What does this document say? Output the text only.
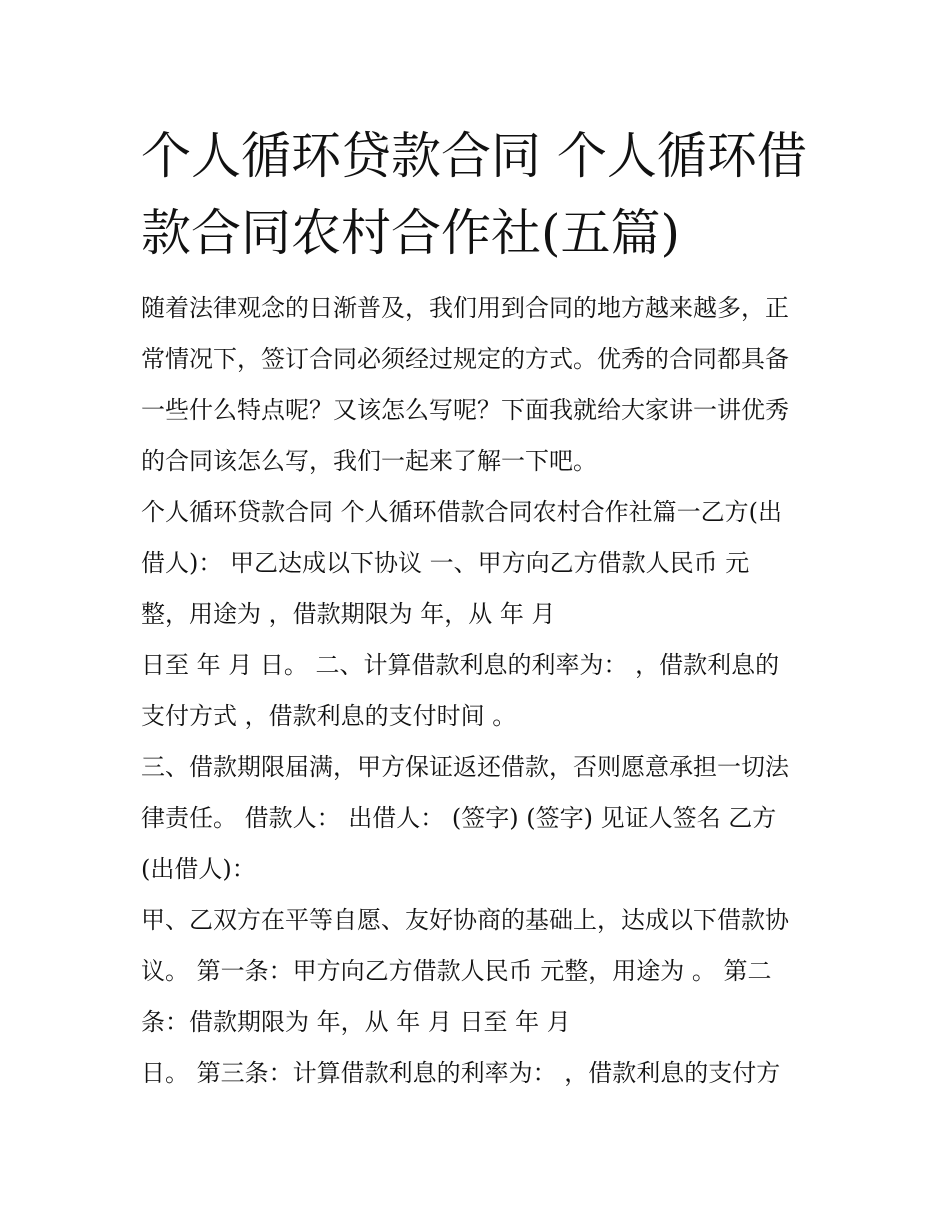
个人循环贷款合同 个人循环借
款合同农村合作社(五篇)
随着法律观念的日渐普及，我们用到合同的地方越来越多，正
常情况下，签订合同必须经过规定的方式。优秀的合同都具备
一些什么特点呢？又该怎么写呢？下面我就给大家讲一讲优秀
的合同该怎么写，我们一起来了解一下吧。
个人循环贷款合同 个人循环借款合同农村合作社篇一乙方(出
借人)： 甲乙达成以下协议 一、甲方向乙方借款人民币 元
整，用途为 ，借款期限为 年，从 年 月
日至 年 月 日。 二、计算借款利息的利率为： ，借款利息的
支付方式 ，借款利息的支付时间 。
三、借款期限届满，甲方保证返还借款，否则愿意承担一切法
律责任。 借款人： 出借人： (签字) (签字) 见证人签名 乙方
(出借人)：
甲、乙双方在平等自愿、友好协商的基础上，达成以下借款协
议。 第一条：甲方向乙方借款人民币 元整，用途为 。 第二
条：借款期限为 年，从 年 月 日至 年 月
日。 第三条：计算借款利息的利率为： ，借款利息的支付方
